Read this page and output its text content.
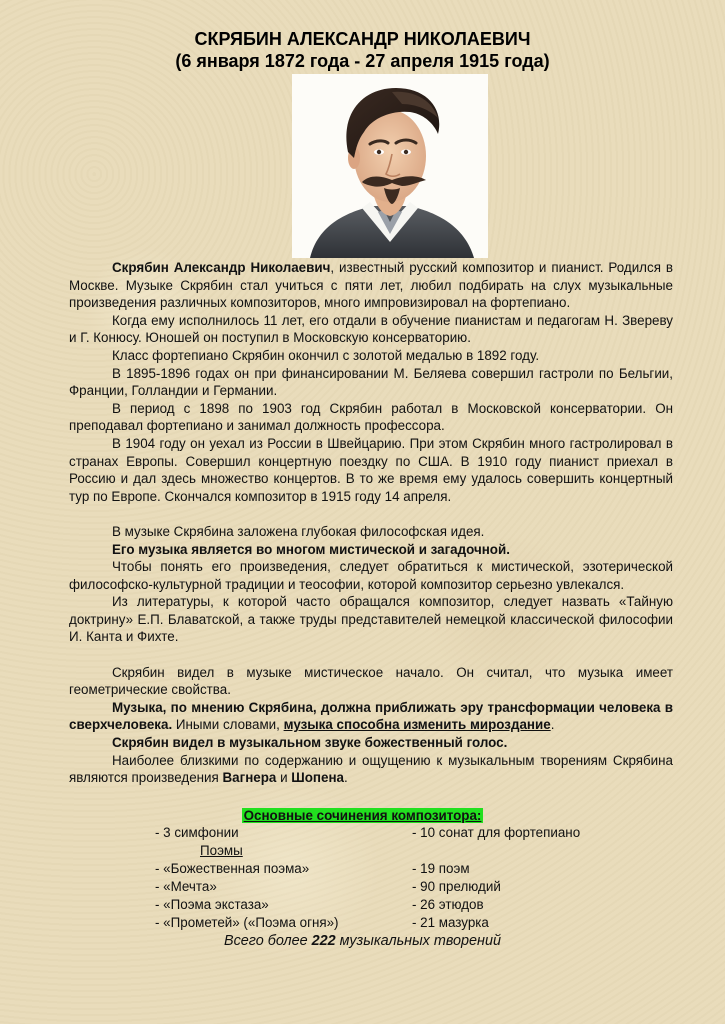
СКРЯБИН АЛЕКСАНДР НИКОЛАЕВИЧ
(6 января 1872 года - 27 апреля 1915 года)

Скрябин Александр Николаевич, известный русский композитор и пианист. Родился в Москве. Музыке Скрябин стал учиться с пяти лет, любил подбирать на слух музыкальные произведения различных композиторов, много импровизировал на фортепиано.

Когда ему исполнилось 11 лет, его отдали в обучение пианистам и педагогам Н. Звереву и Г. Конюсу. Юношей он поступил в Московскую консерваторию.

Класс фортепиано Скрябин окончил с золотой медалью в 1892 году.

В 1895-1896 годах он при финансировании М. Беляева совершил гастроли по Бельгии, Франции, Голландии и Германии.

В период с 1898 по 1903 год Скрябин работал в Московской консерватории. Он преподавал фортепиано и занимал должность профессора.

В 1904 году он уехал из России в Швейцарию. При этом Скрябин много гастролировал в странах Европы. Совершил концертную поездку по США. В 1910 году пианист приехал в Россию и дал здесь множество концертов. В то же время ему удалось совершить концертный тур по Европе. Скончался композитор в 1915 году 14 апреля.

В музыке Скрябина заложена глубокая философская идея.

Его музыка является во многом мистической и загадочной.

Чтобы понять его произведения, следует обратиться к мистической, эзотерической философско-культурной традиции и теософии, которой композитор серьезно увлекался.

Из литературы, к которой часто обращался композитор, следует назвать «Тайную доктрину» Е.П. Блаватской, а также труды представителей немецкой классической философии И. Канта и Фихте.

Скрябин видел в музыке мистическое начало. Он считал, что музыка имеет геометрические свойства.

Музыка, по мнению Скрябина, должна приближать эру трансформации человека в сверхчеловека. Иными словами, музыка способна изменить мироздание.

Скрябин видел в музыкальном звуке божественный голос.

Наиболее близкими по содержанию и ощущению к музыкальным творениям Скрябина являются произведения Вагнера и Шопена.

Основные сочинения композитора:
- 3 симфонии
Поэмы
- «Божественная поэма»
- «Мечта»
- «Поэма экстаза»
- «Прометей» («Поэма огня»)
- 10 сонат для фортепиано
- 19 поэм
- 90 прелюдий
- 26 этюдов
- 21 мазурка
Всего более 222 музыкальных творений
